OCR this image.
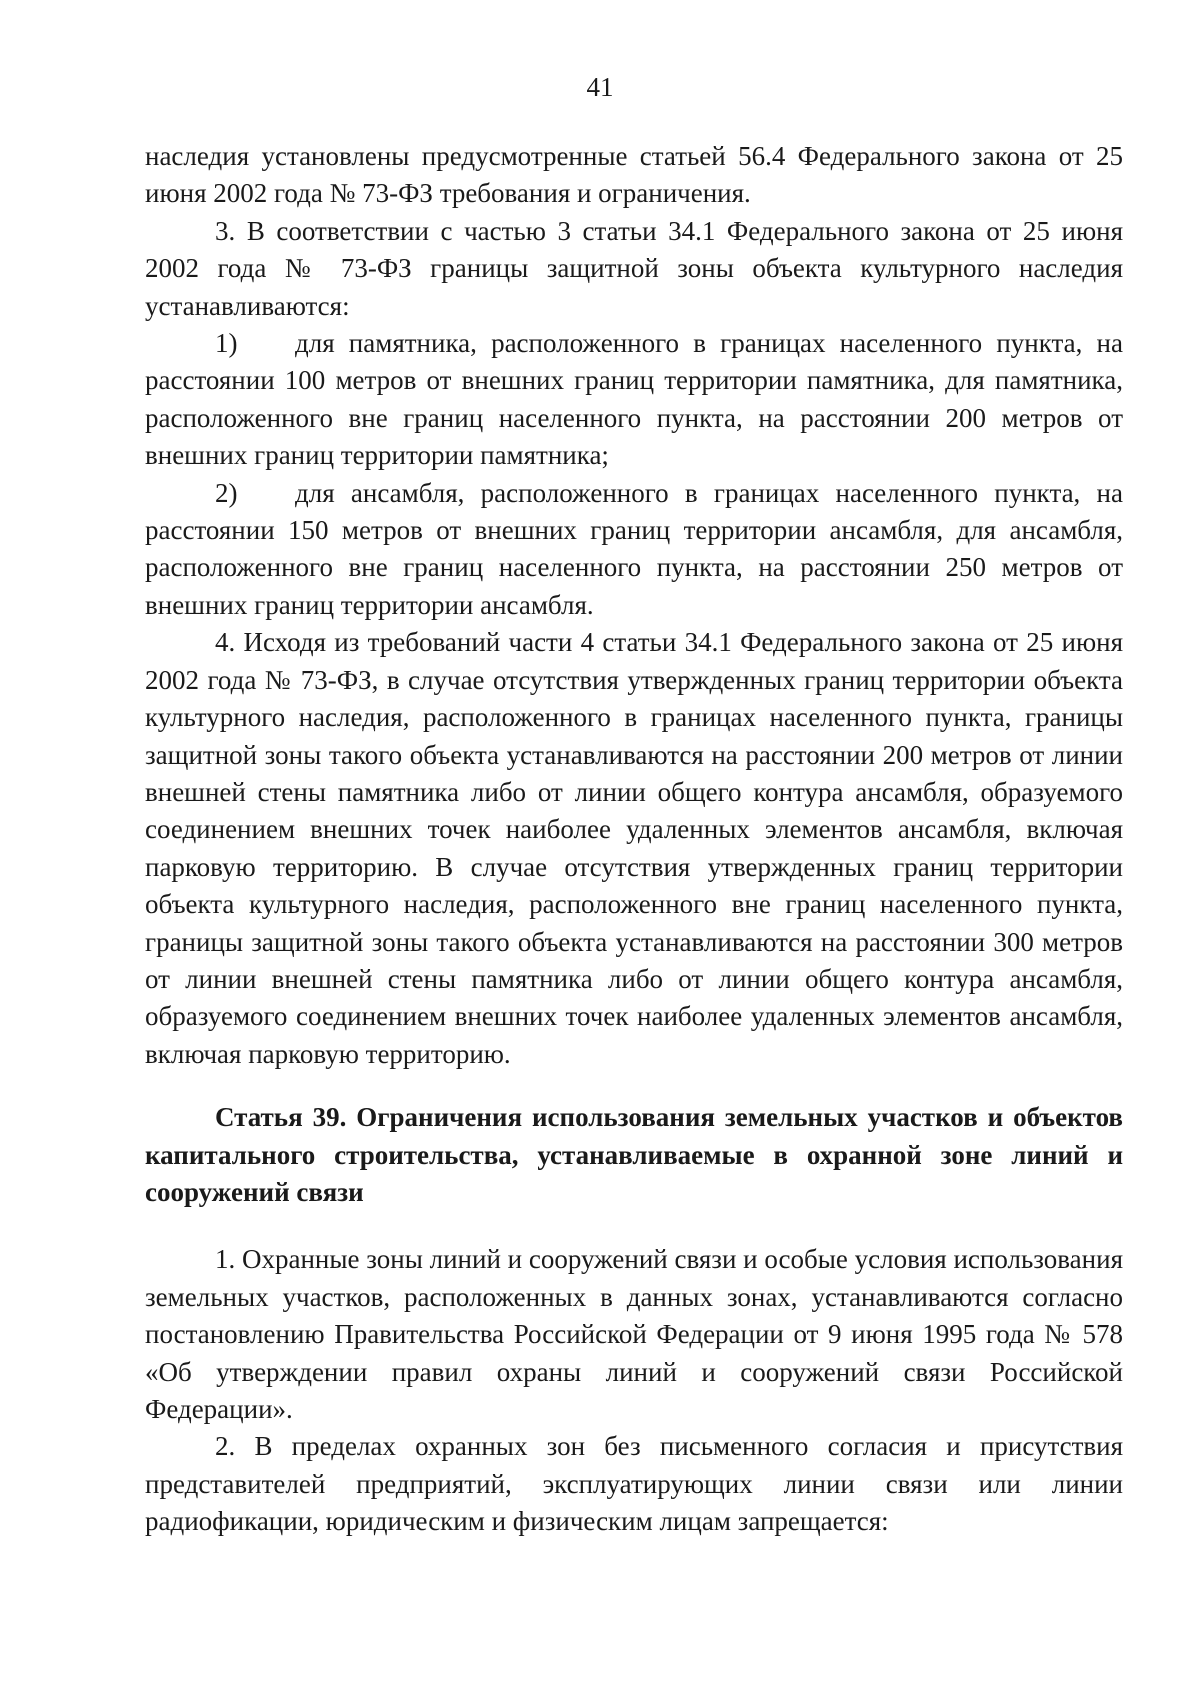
41

наследия установлены предусмотренные статьей 56.4 Федерального закона от 25 июня 2002 года № 73-ФЗ требования и ограничения.

3. В соответствии с частью 3 статьи 34.1 Федерального закона от 25 июня 2002 года № 73-ФЗ границы защитной зоны объекта культурного наследия устанавливаются:

1) для памятника, расположенного в границах населенного пункта, на расстоянии 100 метров от внешних границ территории памятника, для памятника, расположенного вне границ населенного пункта, на расстоянии 200 метров от внешних границ территории памятника;

2) для ансамбля, расположенного в границах населенного пункта, на расстоянии 150 метров от внешних границ территории ансамбля, для ансамбля, расположенного вне границ населенного пункта, на расстоянии 250 метров от внешних границ территории ансамбля.

4. Исходя из требований части 4 статьи 34.1 Федерального закона от 25 июня 2002 года № 73-ФЗ, в случае отсутствия утвержденных границ территории объекта культурного наследия, расположенного в границах населенного пункта, границы защитной зоны такого объекта устанавливаются на расстоянии 200 метров от линии внешней стены памятника либо от линии общего контура ансамбля, образуемого соединением внешних точек наиболее удаленных элементов ансамбля, включая парковую территорию. В случае отсутствия утвержденных границ территории объекта культурного наследия, расположенного вне границ населенного пункта, границы защитной зоны такого объекта устанавливаются на расстоянии 300 метров от линии внешней стены памятника либо от линии общего контура ансамбля, образуемого соединением внешних точек наиболее удаленных элементов ансамбля, включая парковую территорию.

Статья 39. Ограничения использования земельных участков и объектов капитального строительства, устанавливаемые в охранной зоне линий и сооружений связи

1. Охранные зоны линий и сооружений связи и особые условия использования земельных участков, расположенных в данных зонах, устанавливаются согласно постановлению Правительства Российской Федерации от 9 июня 1995 года № 578 «Об утверждении правил охраны линий и сооружений связи Российской Федерации».

2. В пределах охранных зон без письменного согласия и присутствия представителей предприятий, эксплуатирующих линии связи или линии радиофикации, юридическим и физическим лицам запрещается:
